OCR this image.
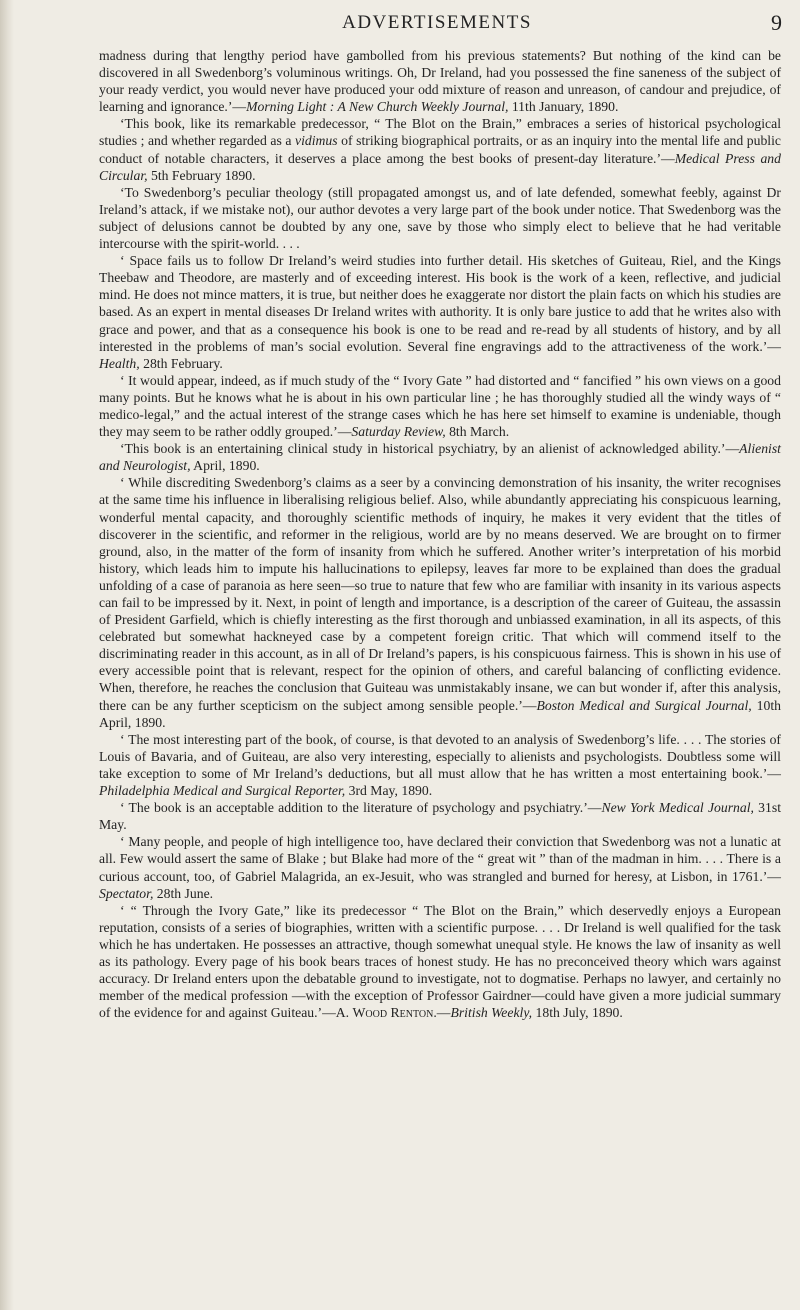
ADVERTISEMENTS	9

madness during that lengthy period have gambolled from his previous statements? But nothing of the kind can be discovered in all Swedenborg’s voluminous writings. Oh, Dr Ireland, had you possessed the fine saneness of the subject of your ready verdict, you would never have produced your odd mixture of reason and unreason, of candour and prejudice, of learning and ignorance.’—Morning Light : A New Church Weekly Journal, 11th January, 1890.

‘This book, like its remarkable predecessor, “ The Blot on the Brain,” embraces a series of historical psychological studies ; and whether regarded as a vidimus of striking biographical portraits, or as an inquiry into the mental life and public conduct of notable characters, it deserves a place among the best books of present-day literature.’—Medical Press and Circular, 5th February 1890.

‘To Swedenborg’s peculiar theology (still propagated amongst us, and of late defended, somewhat feebly, against Dr Ireland’s attack, if we mistake not), our author devotes a very large part of the book under notice. That Swedenborg was the subject of delusions cannot be doubted by any one, save by those who simply elect to believe that he had veritable intercourse with the spirit-world. . . .

‘ Space fails us to follow Dr Ireland’s weird studies into further detail. His sketches of Guiteau, Riel, and the Kings Theebaw and Theodore, are masterly and of exceeding interest. His book is the work of a keen, reflective, and judicial mind. He does not mince matters, it is true, but neither does he exaggerate nor distort the plain facts on which his studies are based. As an expert in mental diseases Dr Ireland writes with authority. It is only bare justice to add that he writes also with grace and power, and that as a consequence his book is one to be read and re-read by all students of history, and by all interested in the problems of man’s social evolution. Several fine engravings add to the attractiveness of the work.’—Health, 28th February.

‘ It would appear, indeed, as if much study of the “ Ivory Gate ” had distorted and “ fancified ” his own views on a good many points. But he knows what he is about in his own particular line ; he has thoroughly studied all the windy ways of “ medico-legal,” and the actual interest of the strange cases which he has here set himself to examine is undeniable, though they may seem to be rather oddly grouped.’—Saturday Review, 8th March.

‘This book is an entertaining clinical study in historical psychiatry, by an alienist of acknowledged ability.’—Alienist and Neurologist, April, 1890.

‘ While discrediting Swedenborg’s claims as a seer by a convincing demonstration of his insanity, the writer recognises at the same time his influence in liberalising religious belief. Also, while abundantly appreciating his conspicuous learning, wonderful mental capacity, and thoroughly scientific methods of inquiry, he makes it very evident that the titles of discoverer in the scientific, and reformer in the religious, world are by no means deserved. We are brought on to firmer ground, also, in the matter of the form of insanity from which he suffered. Another writer’s interpretation of his morbid history, which leads him to impute his hallucinations to epilepsy, leaves far more to be explained than does the gradual unfolding of a case of paranoia as here seen—so true to nature that few who are familiar with insanity in its various aspects can fail to be impressed by it. Next, in point of length and importance, is a description of the career of Guiteau, the assassin of President Garfield, which is chiefly interesting as the first thorough and unbiassed examination, in all its aspects, of this celebrated but somewhat hackneyed case by a competent foreign critic. That which will commend itself to the discriminating reader in this account, as in all of Dr Ireland’s papers, is his conspicuous fairness. This is shown in his use of every accessible point that is relevant, respect for the opinion of others, and careful balancing of conflicting evidence. When, therefore, he reaches the conclusion that Guiteau was unmistakably insane, we can but wonder if, after this analysis, there can be any further scepticism on the subject among sensible people.’—Boston Medical and Surgical Journal, 10th April, 1890.

‘ The most interesting part of the book, of course, is that devoted to an analysis of Swedenborg’s life. . . . The stories of Louis of Bavaria, and of Guiteau, are also very interesting, especially to alienists and psychologists. Doubtless some will take exception to some of Mr Ireland’s deductions, but all must allow that he has written a most entertaining book.’—Philadelphia Medical and Surgical Reporter, 3rd May, 1890.

‘ The book is an acceptable addition to the literature of psychology and psychiatry.’—New York Medical Journal, 31st May.

‘ Many people, and people of high intelligence too, have declared their conviction that Swedenborg was not a lunatic at all. Few would assert the same of Blake ; but Blake had more of the “ great wit ” than of the madman in him. . . . There is a curious account, too, of Gabriel Malagrida, an ex-Jesuit, who was strangled and burned for heresy, at Lisbon, in 1761.’—Spectator, 28th June.

‘ “ Through the Ivory Gate,” like its predecessor “ The Blot on the Brain,” which deservedly enjoys a European reputation, consists of a series of biographies, written with a scientific purpose. . . . Dr Ireland is well qualified for the task which he has undertaken. He possesses an attractive, though somewhat unequal style. He knows the law of insanity as well as its pathology. Every page of his book bears traces of honest study. He has no preconceived theory which wars against accuracy. Dr Ireland enters upon the debatable ground to investigate, not to dogmatise. Perhaps no lawyer, and certainly no member of the medical profession —with the exception of Professor Gairdner—could have given a more judicial summary of the evidence for and against Guiteau.’—A. Wood Renton.—British Weekly, 18th July, 1890.
